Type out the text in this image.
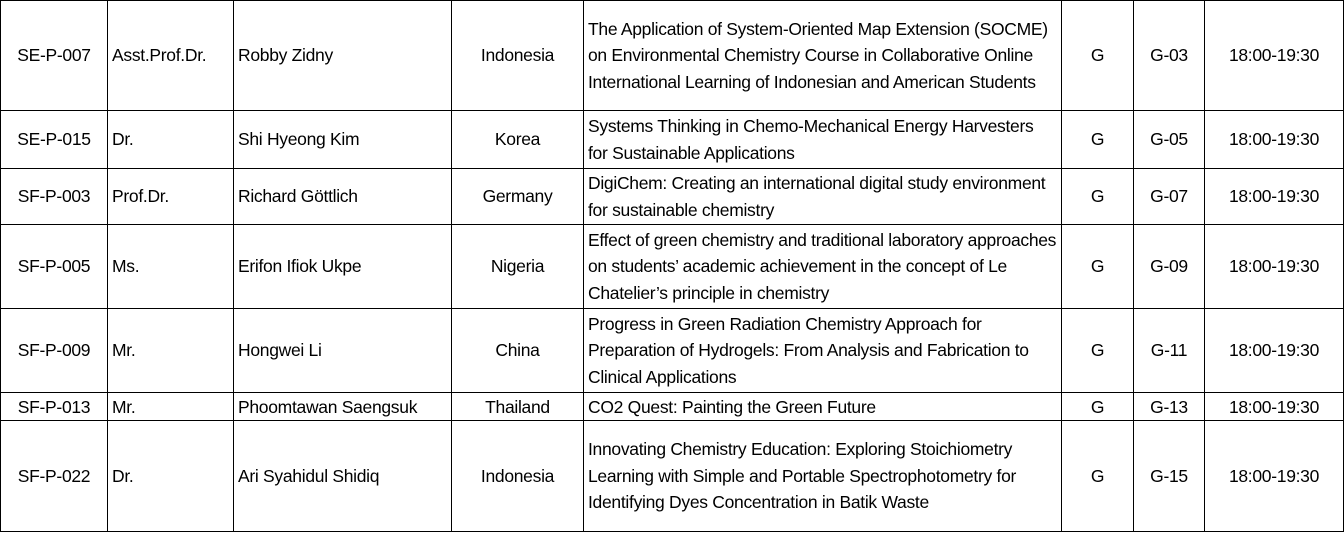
SE-P-007	Asst.Prof.Dr.	Robby Zidny	Indonesia	The Application of System-Oriented Map Extension (SOCME) on Environmental Chemistry Course in Collaborative Online International Learning of Indonesian and American Students	G	G-03	18:00-19:30
SE-P-015	Dr.	Shi Hyeong Kim	Korea	Systems Thinking in Chemo-Mechanical Energy Harvesters for Sustainable Applications	G	G-05	18:00-19:30
SF-P-003	Prof.Dr.	Richard Göttlich	Germany	DigiChem: Creating an international digital study environment for sustainable chemistry	G	G-07	18:00-19:30
SF-P-005	Ms.	Erifon Ifiok Ukpe	Nigeria	Effect of green chemistry and traditional laboratory approaches on students’ academic achievement in the concept of Le Chatelier’s principle in chemistry	G	G-09	18:00-19:30
SF-P-009	Mr.	Hongwei Li	China	Progress in Green Radiation Chemistry Approach for Preparation of Hydrogels: From Analysis and Fabrication to Clinical Applications	G	G-11	18:00-19:30
SF-P-013	Mr.	Phoomtawan Saengsuk	Thailand	CO2 Quest: Painting the Green Future	G	G-13	18:00-19:30
SF-P-022	Dr.	Ari Syahidul Shidiq	Indonesia	Innovating Chemistry Education: Exploring Stoichiometry Learning with Simple and Portable Spectrophotometry for Identifying Dyes Concentration in Batik Waste	G	G-15	18:00-19:30
